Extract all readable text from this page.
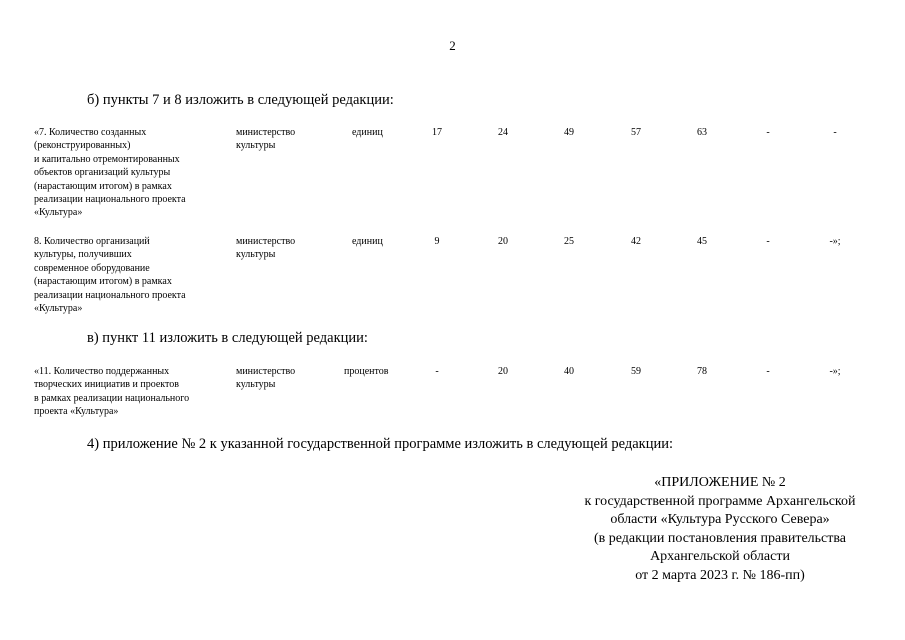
2
б) пункты 7 и 8 изложить в следующей редакции:
«7. Количество созданных
(реконструированных)
и капитально отремонтированных
объектов организаций культуры
(нарастающим итогом) в рамках
реализации национального проекта
«Культура»
министерство
культуры
единиц	17	24	49	57	63	-	-
8. Количество организаций
культуры, получивших
современное оборудование
(нарастающим итогом) в рамках
реализации национального проекта
«Культура»
министерство
культуры
единиц	9	20	25	42	45	-	-»;
в) пункт 11 изложить в следующей редакции:
«11. Количество поддержанных
творческих инициатив и проектов
в рамках реализации национального
проекта «Культура»
министерство
культуры
процентов	-	20	40	59	78	-	-»;
4) приложение № 2 к указанной государственной программе изложить в следующей редакции:
«ПРИЛОЖЕНИЕ № 2
к государственной программе Архангельской
области «Культура Русского Севера»
(в редакции постановления правительства
Архангельской области
от 2 марта 2023 г. № 186-пп)
